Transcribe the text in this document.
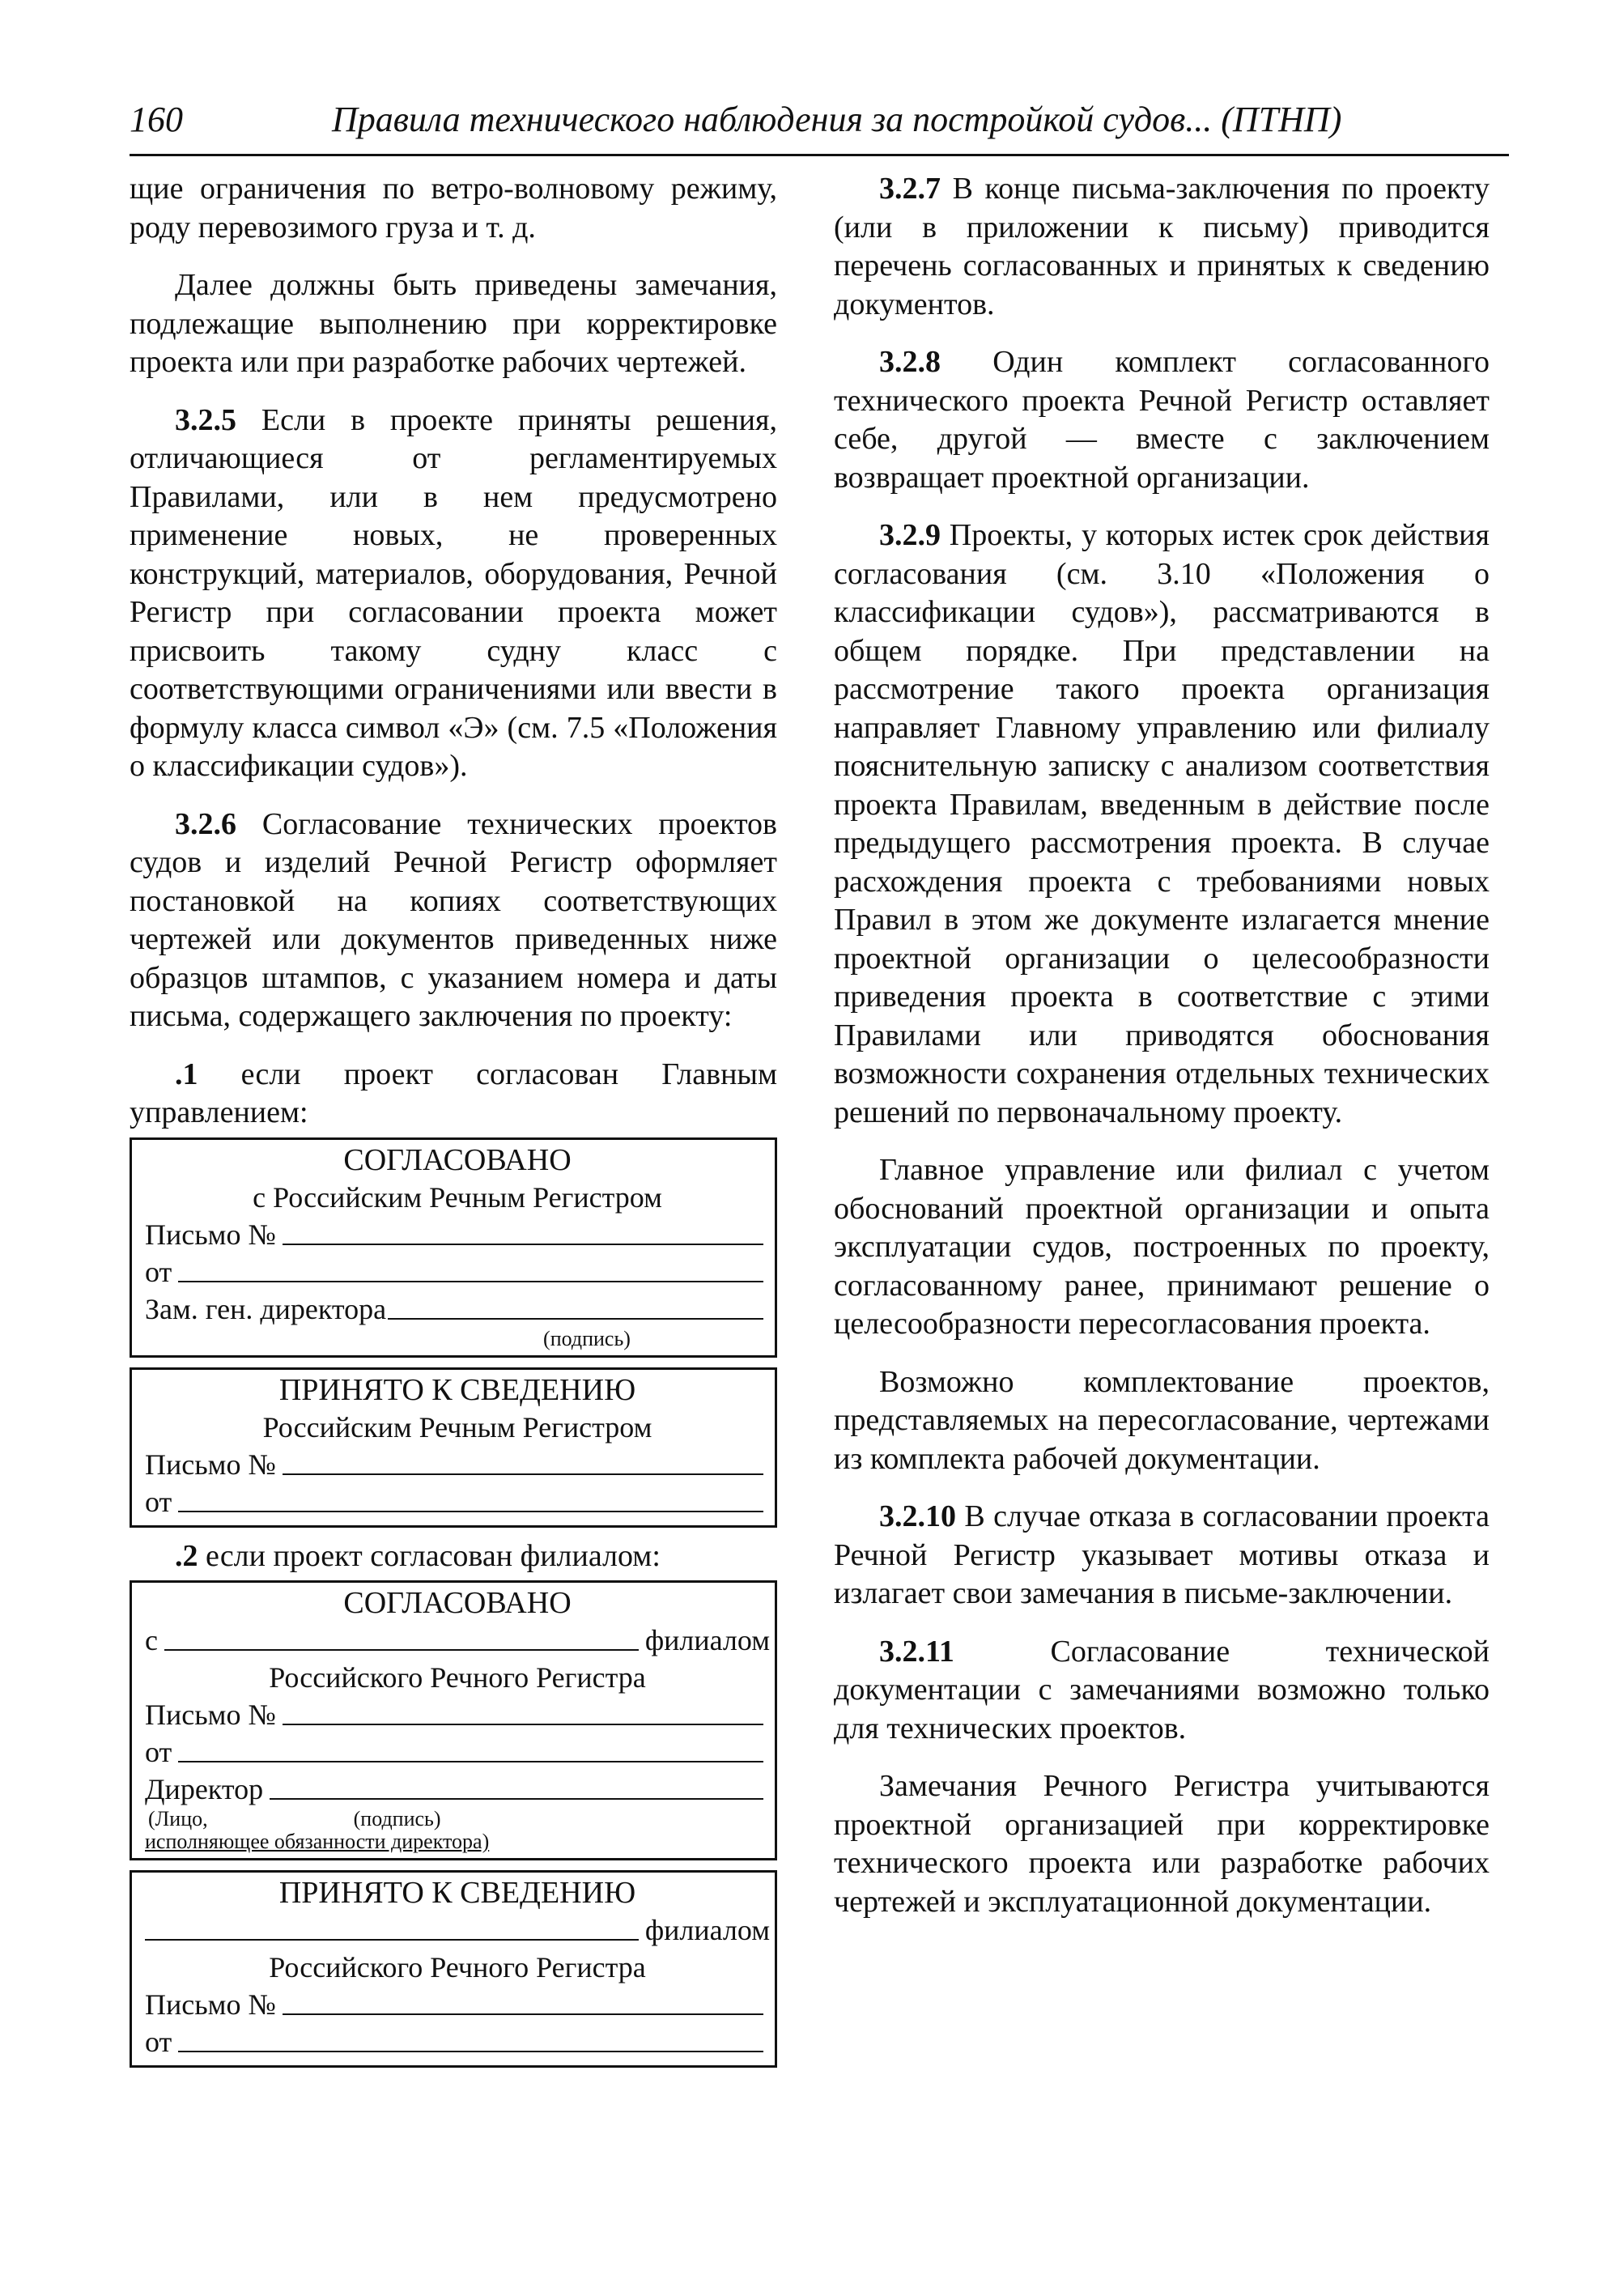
160	Правила технического наблюдения за постройкой судов... (ПТНП)

щие ограничения по ветро-волновому режиму, роду перевозимого груза и т. д.

Далее должны быть приведены замечания, подлежащие выполнению при корректировке проекта или при разработке рабочих чертежей.

3.2.5 Если в проекте приняты решения, отличающиеся от регламентируемых Правилами, или в нем предусмотрено применение новых, не проверенных конструкций, материалов, оборудования, Речной Регистр при согласовании проекта может присвоить такому судну класс с соответствующими ограничениями или ввести в формулу класса символ «Э» (см. 7.5 «Положения о классификации судов»).

3.2.6 Согласование технических проектов судов и изделий Речной Регистр оформляет постановкой на копиях соответствующих чертежей или документов приведенных ниже образцов штампов, с указанием номера и даты письма, содержащего заключения по проекту:

.1 если проект согласован Главным управлением:

СОГЛАСОВАНО
с Российским Речным Регистром
Письмо №
от
Зам. ген. директора
(подпись)
ПРИНЯТО К СВЕДЕНИЮ
Российским Речным Регистром
Письмо №
от

.2 если проект согласован филиалом:

СОГЛАСОВАНО
с	филиалом
Российского Речного Регистра
Письмо №
от
Директор
(Лицо,	(подпись)
исполняющее обязанности директора)
ПРИНЯТО К СВЕДЕНИЮ
филиалом
Российского Речного Регистра
Письмо №
от

3.2.7 В конце письма-заключения по проекту (или в приложении к письму) приводится перечень согласованных и принятых к сведению документов.

3.2.8 Один комплект согласованного технического проекта Речной Регистр оставляет себе, другой — вместе с заключением возвращает проектной организации.

3.2.9 Проекты, у которых истек срок действия согласования (см. 3.10 «Положения о классификации судов»), рассматриваются в общем порядке. При представлении на рассмотрение такого проекта организация направляет Главному управлению или филиалу пояснительную записку с анализом соответствия проекта Правилам, введенным в действие после предыдущего рассмотрения проекта. В случае расхождения проекта с требованиями новых Правил в этом же документе излагается мнение проектной организации о целесообразности приведения проекта в соответствие с этими Правилами или приводятся обоснования возможности сохранения отдельных технических решений по первоначальному проекту.

Главное управление или филиал с учетом обоснований проектной организации и опыта эксплуатации судов, построенных по проекту, согласованному ранее, принимают решение о целесообразности пересогласования проекта.

Возможно комплектование проектов, представляемых на пересогласование, чертежами из комплекта рабочей документации.

3.2.10 В случае отказа в согласовании проекта Речной Регистр указывает мотивы отказа и излагает свои замечания в письме-заключении.

3.2.11 Согласование технической документации с замечаниями возможно только для технических проектов.

Замечания Речного Регистра учитываются проектной организацией при корректировке технического проекта или разработке рабочих чертежей и эксплуатационной документации.
